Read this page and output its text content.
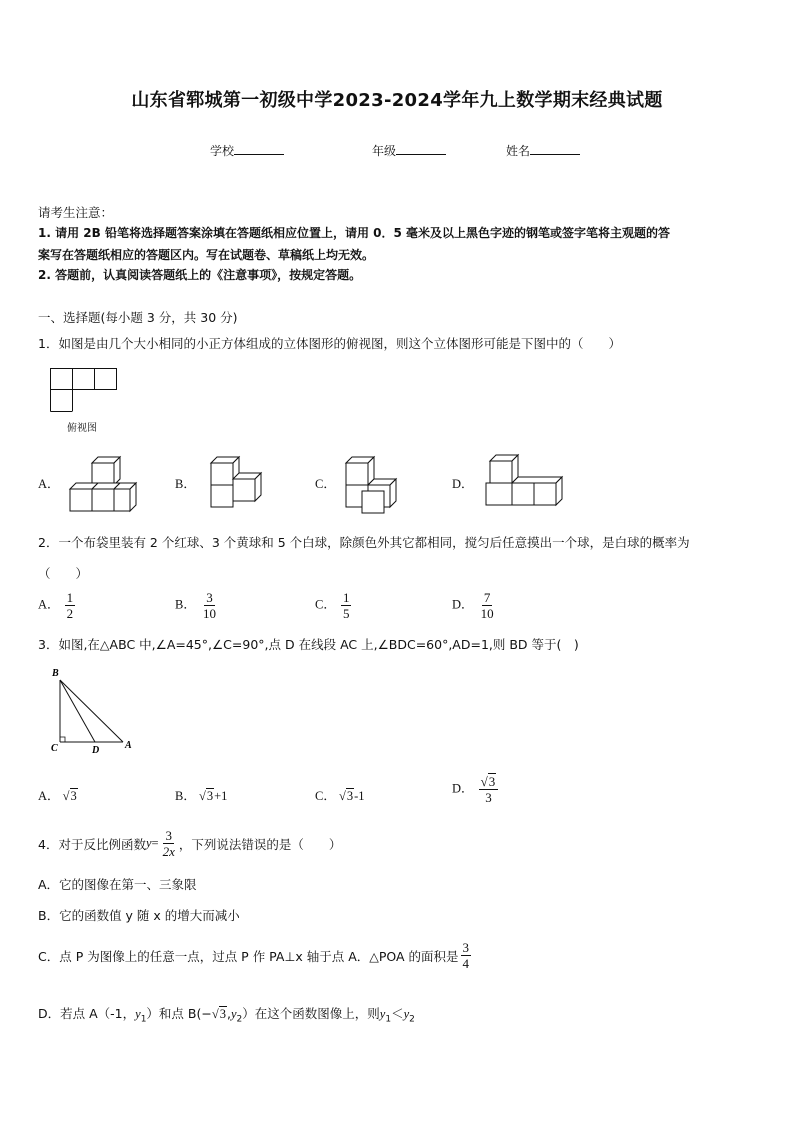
山东省郓城第一初级中学2023-2024学年九上数学期末经典试题
学校	年级	姓名
请考生注意：
1. 请用 2B 铅笔将选择题答案涂填在答题纸相应位置上，请用 0．5 毫米及以上黑色字迹的钢笔或签字笔将主观题的答
案写在答题纸相应的答题区内。写在试题卷、草稿纸上均无效。
2. 答题前，认真阅读答题纸上的《注意事项》，按规定答题。
一、选择题(每小题 3 分，共 30 分)
1．如图是由几个大小相同的小正方体组成的立体图形的俯视图，则这个立体图形可能是下图中的（　　）
俯视图
A．	B．	C．	D．
2．一个布袋里装有 2 个红球、3 个黄球和 5 个白球，除颜色外其它都相同，搅匀后任意摸出一个球，是白球的概率为
（　　）
A． $\frac{1}{2}$	B． $\frac{3}{10}$	C． $\frac{1}{5}$	D． $\frac{7}{10}$
3．如图,在△ABC 中,∠A=45°,∠C=90°,点 D 在线段 AC 上,∠BDC=60°,AD=1,则 BD 等于(　)
B
C	D	A
A． √3	B． √3+1	C． √3-1
D． $\frac{√3}{3}$
4．对于反比例函数 $y = \frac{3}{2x}$ ，下列说法错误的是（　　）
A．它的图像在第一、三象限
B．它的函数值 y 随 x 的增大而减小
C．点 P 为图像上的任意一点，过点 P 作 PA⊥x 轴于点 A．△POA 的面积是 $\frac{3}{4}$
D．若点 A（-1，$y_1$）和点 $B(-√3,y_2)$在这个函数图像上，则$y_1<y_2$
